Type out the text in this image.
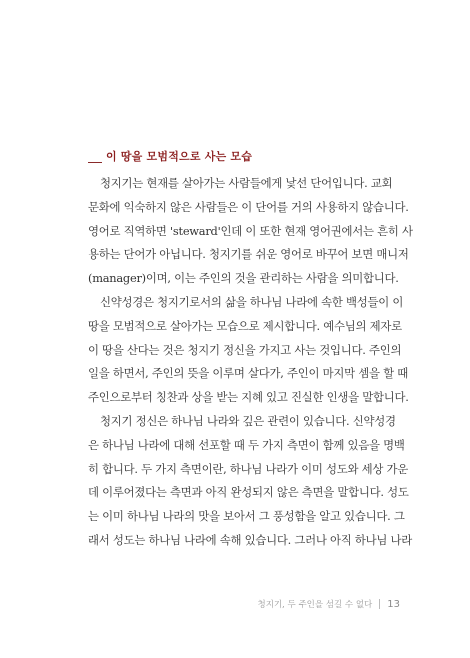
이 땅을 모범적으로 사는 모습
청지기는 현재를 살아가는 사람들에게 낯선 단어입니다. 교회
문화에 익숙하지 않은 사람들은 이 단어를 거의 사용하지 않습니다.
영어로 직역하면 'steward'인데 이 또한 현재 영어권에서는 흔히 사
용하는 단어가 아닙니다. 청지기를 쉬운 영어로 바꾸어 보면 매니저
(manager)이며, 이는 주인의 것을 관리하는 사람을 의미합니다.
신약성경은 청지기로서의 삶을 하나님 나라에 속한 백성들이 이
땅을 모범적으로 살아가는 모습으로 제시합니다. 예수님의 제자로
이 땅을 산다는 것은 청지기 정신을 가지고 사는 것입니다. 주인의
일을 하면서, 주인의 뜻을 이루며 살다가, 주인이 마지막 셈을 할 때
주인으로부터 칭찬과 상을 받는 지혜 있고 진실한 인생을 말합니다.
청지기 정신은 하나님 나라와 깊은 관련이 있습니다. 신약성경
은 하나님 나라에 대해 선포할 때 두 가지 측면이 함께 있음을 명백
히 합니다. 두 가지 측면이란, 하나님 나라가 이미 성도와 세상 가운
데 이루어졌다는 측면과 아직 완성되지 않은 측면을 말합니다. 성도
는 이미 하나님 나라의 맛을 보아서 그 풍성함을 알고 있습니다. 그
래서 성도는 하나님 나라에 속해 있습니다. 그러나 아직 하나님 나라
청지기, 두 주인을 섬길 수 없다 13
